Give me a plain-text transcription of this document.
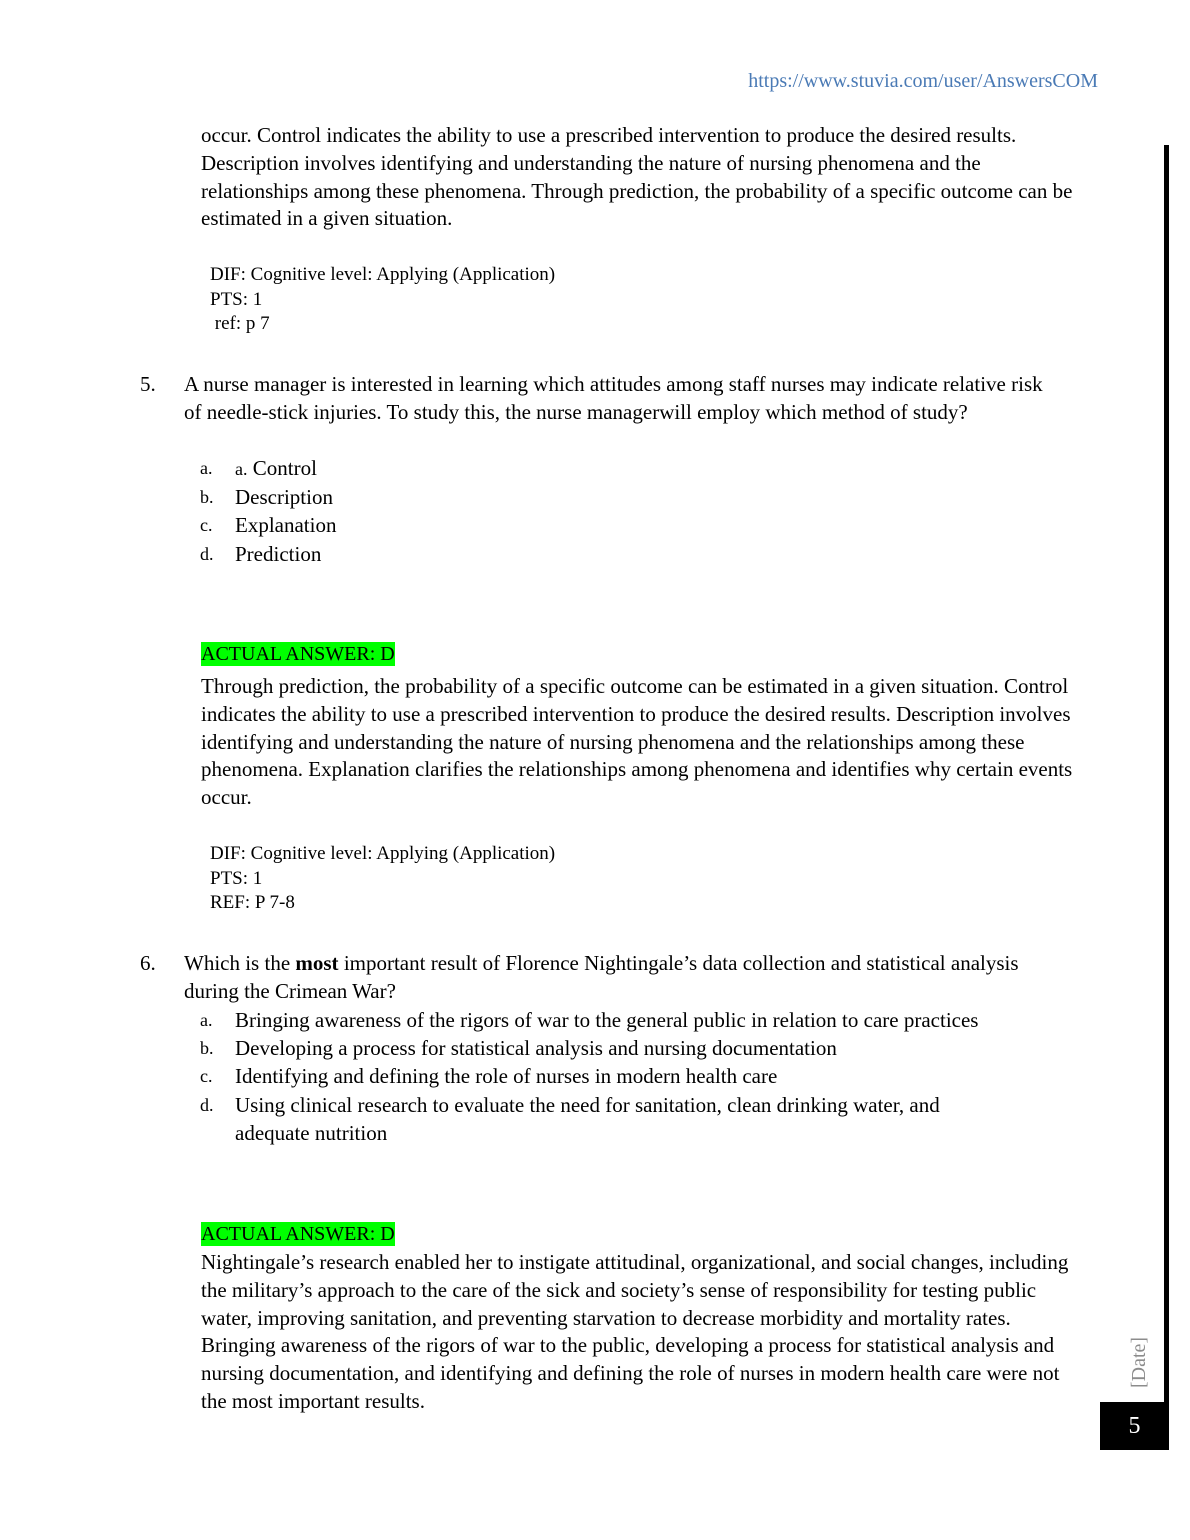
https://www.stuvia.com/user/AnswersCOM
[Date]
5

occur. Control indicates the ability to use a prescribed intervention to produce the desired results. Description involves identifying and understanding the nature of nursing phenomena and the relationships among these phenomena. Through prediction, the probability of a specific outcome can be estimated in a given situation.

DIF: Cognitive level: Applying (Application)
PTS: 1
ref: p 7
5. A nurse manager is interested in learning which attitudes among staff nurses may indicate relative risk of needle-stick injuries. To study this, the nurse managerwill employ which method of study?
a. a. Control
b. Description
c. Explanation
d. Prediction
ACTUAL ANSWER: D

Through prediction, the probability of a specific outcome can be estimated in a given situation. Control indicates the ability to use a prescribed intervention to produce the desired results. Description involves identifying and understanding the nature of nursing phenomena and the relationships among these phenomena. Explanation clarifies the relationships among phenomena and identifies why certain events occur.

DIF: Cognitive level: Applying (Application)
PTS: 1
REF: P 7-8
6. Which is the most important result of Florence Nightingale’s data collection and statistical analysis during the Crimean War?
a. Bringing awareness of the rigors of war to the general public in relation to care practices
b. Developing a process for statistical analysis and nursing documentation
c. Identifying and defining the role of nurses in modern health care
d. Using clinical research to evaluate the need for sanitation, clean drinking water, and adequate nutrition
ACTUAL ANSWER: D

Nightingale’s research enabled her to instigate attitudinal, organizational, and social changes, including the military’s approach to the care of the sick and society’s sense of responsibility for testing public water, improving sanitation, and preventing starvation to decrease morbidity and mortality rates. Bringing awareness of the rigors of war to the public, developing a process for statistical analysis and nursing documentation, and identifying and defining the role of nurses in modern health care were not the most important results.
